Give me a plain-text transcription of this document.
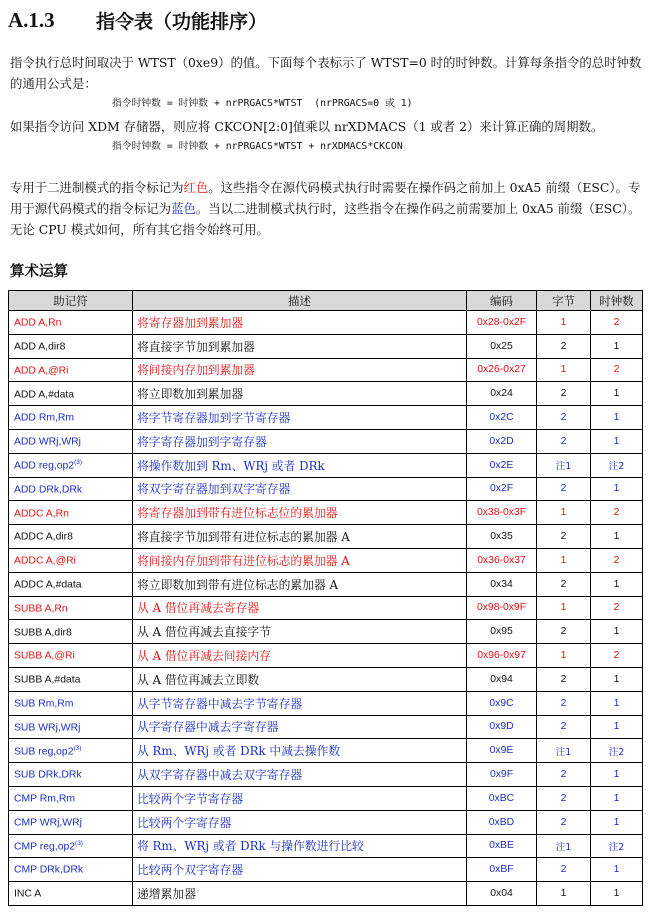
A.1.3	指令表（功能排序）

指令执行总时间取决于 WTST（0xe9）的值。下面每个表标示了 WTST=0 时的时钟数。计算每条指令的总时钟数的通用公式是：

指令时钟数 = 时钟数 + nrPRGACS*WTST  (nrPRGACS=0 或 1)

如果指令访问 XDM 存储器，则应将 CKCON[2:0]值乘以 nrXDMACS（1 或者 2）来计算正确的周期数。

指令时钟数 = 时钟数 + nrPRGACS*WTST + nrXDMACS*CKCON

专用于二进制模式的指令标记为红色。这些指令在源代码模式执行时需要在操作码之前加上 0xA5 前缀（ESC）。专用于源代码模式的指令标记为蓝色。当以二进制模式执行时，这些指令在操作码之前需要加上 0xA5 前缀（ESC）。无论 CPU 模式如何，所有其它指令始终可用。

算术运算
助记符	描述	编码	字节	时钟数
ADD A,Rn	将寄存器加到累加器	0x28-0x2F	1	2
ADD A,dir8	将直接字节加到累加器	0x25	2	1
ADD A,@Ri	将间接内存加到累加器	0x26-0x27	1	2
ADD A,#data	将立即数加到累加器	0x24	2	1
ADD Rm,Rm	将字节寄存器加到字节寄存器	0x2C	2	1
ADD WRj,WRj	将字寄存器加到字寄存器	0x2D	2	1
ADD reg,op2$^{(3)}$	将操作数加到 Rm、WRj 或者 DRk	0x2E	注1	注2
ADD DRk,DRk	将双字寄存器加到双字寄存器	0x2F	2	1
ADDC A,Rn	将寄存器加到带有进位标志位的累加器	0x38-0x3F	1	2
ADDC A,dir8	将直接字节加到带有进位标志的累加器 A	0x35	2	1
ADDC A,@Ri	将间接内存加到带有进位标志的累加器 A	0x36-0x37	1	2
ADDC A,#data	将立即数加到带有进位标志的累加器 A	0x34	2	1
SUBB A,Rn	从 A 借位再减去寄存器	0x98-0x9F	1	2
SUBB A,dir8	从 A 借位再减去直接字节	0x95	2	1
SUBB A,@Ri	从 A 借位再减去间接内存	0x96-0x97	1	2
SUBB A,#data	从 A 借位再减去立即数	0x94	2	1
SUB Rm,Rm	从字节寄存器中减去字节寄存器	0x9C	2	1
SUB WRj,WRj	从字寄存器中减去字寄存器	0x9D	2	1
SUB reg,op2$^{(3)}$	从 Rm、WRj 或者 DRk 中减去操作数	0x9E	注1	注2
SUB DRk,DRk	从双字寄存器中减去双字寄存器	0x9F	2	1
CMP Rm,Rm	比较两个字节寄存器	0xBC	2	1
CMP WRj,WRj	比较两个字寄存器	0xBD	2	1
CMP reg,op2$^{(3)}$	将 Rm、WRj 或者 DRk 与操作数进行比较	0xBE	注1	注2
CMP DRk,DRk	比较两个双字寄存器	0xBF	2	1
INC A	递增累加器	0x04	1	1
